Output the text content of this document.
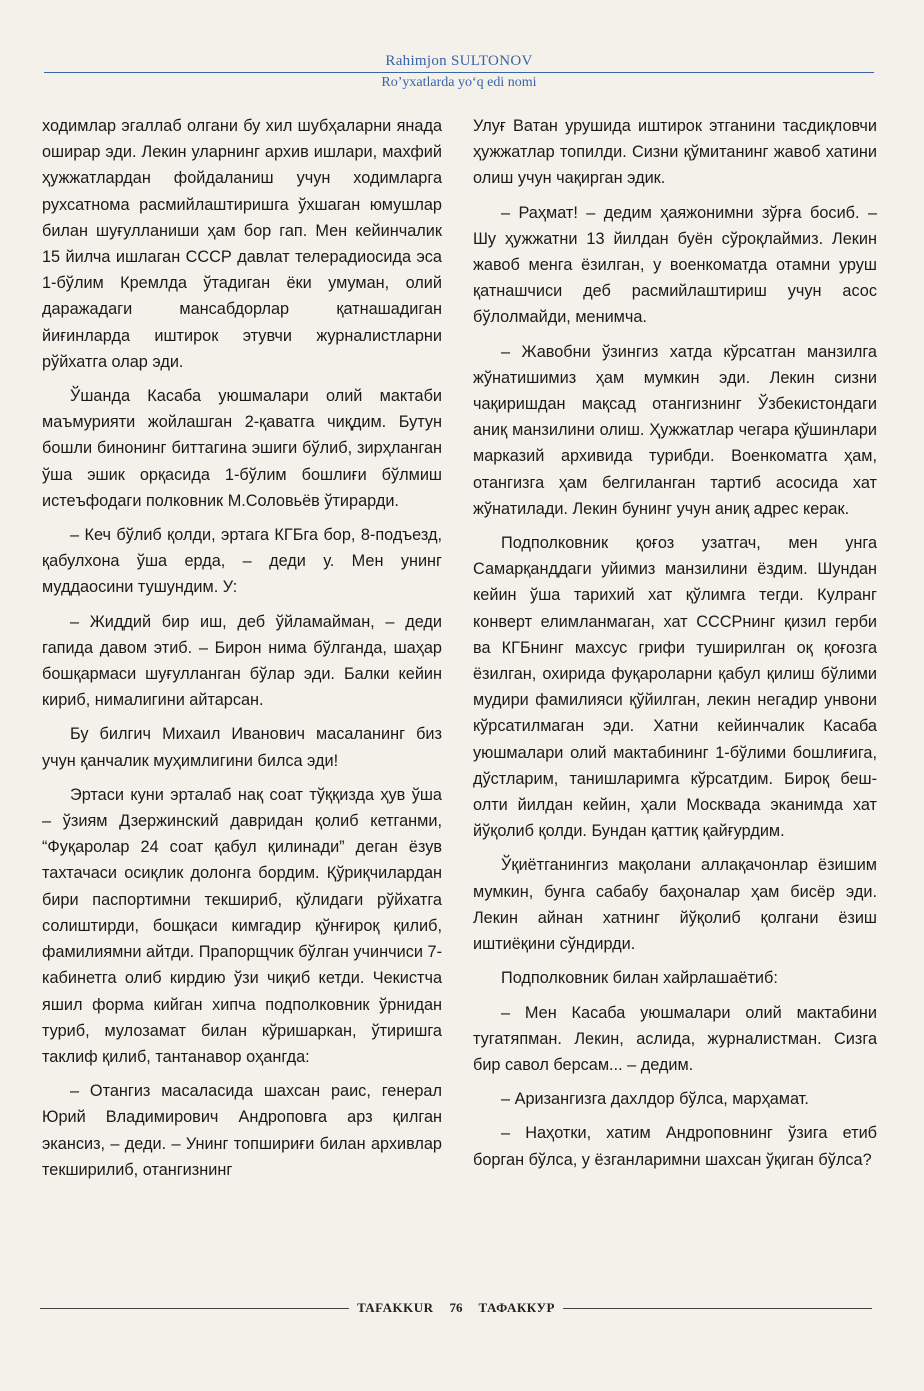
Rahimjon SULTONOV
Ro’yxatlarda yo‘q edi nomi

ходимлар эгаллаб олгани бу хил шубҳаларни янада оширар эди. Лекин уларнинг архив ишлари, махфий ҳужжатлардан фойдаланиш учун ходимларга рухсатнома расмийлаштиришга ўхшаган юмушлар билан шуғулланиши ҳам бор гап. Мен кейинчалик 15 йилча ишлаган СССР давлат телерадиосида эса 1-бўлим Кремлда ўтадиган ёки умуман, олий даражадаги мансабдорлар қатнашадиган йиғинларда иштирок этувчи журналистларни рўйхатга олар эди.

Ўшанда Касаба уюшмалари олий мактаби маъмурияти жойлашган 2-қаватга чиқдим. Бутун бошли бинонинг биттагина эшиги бўлиб, зирҳланган ўша эшик орқасида 1-бўлим бошлиғи бўлмиш истеъфодаги полковник М.Соловьёв ўтирарди.

– Кеч бўлиб қолди, эртага КГБга бор, 8-подъезд, қабулхона ўша ерда, – деди у. Мен унинг муддаосини тушундим. У:

– Жиддий бир иш, деб ўйламайман, – деди гапида давом этиб. – Бирон нима бўлганда, шаҳар бошқармаси шуғулланган бўлар эди. Балки кейин кириб, нималигини айтарсан.

Бу билгич Михаил Иванович масаланинг биз учун қанчалик муҳимлигини билса эди!

Эртаси куни эрталаб нақ соат тўққизда ҳув ўша – ўзиям Дзержинский давридан қолиб кетганми, “Фуқаролар 24 соат қабул қилинади” деган ёзув тахтачаси осиқлик долонга бордим. Қўриқчилардан бири паспортимни текшириб, қўлидаги рўйхатга солиштирди, бошқаси кимгадир қўнғироқ қилиб, фамилиямни айтди. Прапорщчик бўлган учинчиси 7-кабинетга олиб кирдию ўзи чиқиб кетди. Чекистча яшил форма кийган хипча подполковник ўрнидан туриб, мулозамат билан кўришаркан, ўтиришга таклиф қилиб, тантанавор оҳангда:

– Отангиз масаласида шахсан раис, генерал Юрий Владимирович Андроповга арз қилган экансиз, – деди. – Унинг топшириғи билан архивлар текширилиб, отангизнинг

Улуғ Ватан урушида иштирок этганини тасдиқловчи ҳужжатлар топилди. Сизни қўмитанинг жавоб хатини олиш учун чақирган эдик.

– Раҳмат! – дедим ҳаяжонимни зўрға босиб. – Шу ҳужжатни 13 йилдан буён сўроқлаймиз. Лекин жавоб менга ёзилган, у военкоматда отамни уруш қатнашчиси деб расмийлаштириш учун асос бўлолмайди, менимча.

– Жавобни ўзингиз хатда кўрсатган манзилга жўнатишимиз ҳам мумкин эди. Лекин сизни чақиришдан мақсад отангизнинг Ўзбекистондаги аниқ манзилини олиш. Ҳужжатлар чегара қўшинлари марказий архивида турибди. Военкоматга ҳам, отангизга ҳам белгиланган тартиб асосида хат жўнатилади. Лекин бунинг учун аниқ адрес керак.

Подполковник қоғоз узатгач, мен унга Самарқанддаги уйимиз манзилини ёздим. Шундан кейин ўша тарихий хат қўлимга тегди. Кулранг конверт елимланмаган, хат СССРнинг қизил герби ва КГБнинг махсус грифи туширилган оқ қоғозга ёзилган, охирида фуқароларни қабул қилиш бўлими мудири фамилияси қўйилган, лекин негадир унвони кўрсатилмаган эди. Хатни кейинчалик Касаба уюшмалари олий мактабининг 1-бўлими бошлиғига, дўстларим, танишларимга кўрсатдим. Бироқ беш-олти йилдан кейин, ҳали Москвада эканимда хат йўқолиб қолди. Бундан қаттиқ қайғурдим.

Ўқиётганингиз мақолани аллақачонлар ёзишим мумкин, бунга сабабу баҳоналар ҳам бисёр эди. Лекин айнан хатнинг йўқолиб қолгани ёзиш иштиёқини сўндирди.

Подполковник билан хайрлашаётиб:

– Мен Касаба уюшмалари олий мактабини тугатяпман. Лекин, аслида, журналистман. Сизга бир савол берсам... – дедим.

– Аризангизга дахлдор бўлса, марҳамат.

– Наҳотки, хатим Андроповнинг ўзига етиб борган бўлса, у ёзганларимни шахсан ўқиган бўлса?

TAFAKKUR	76	ТАФАККУР
